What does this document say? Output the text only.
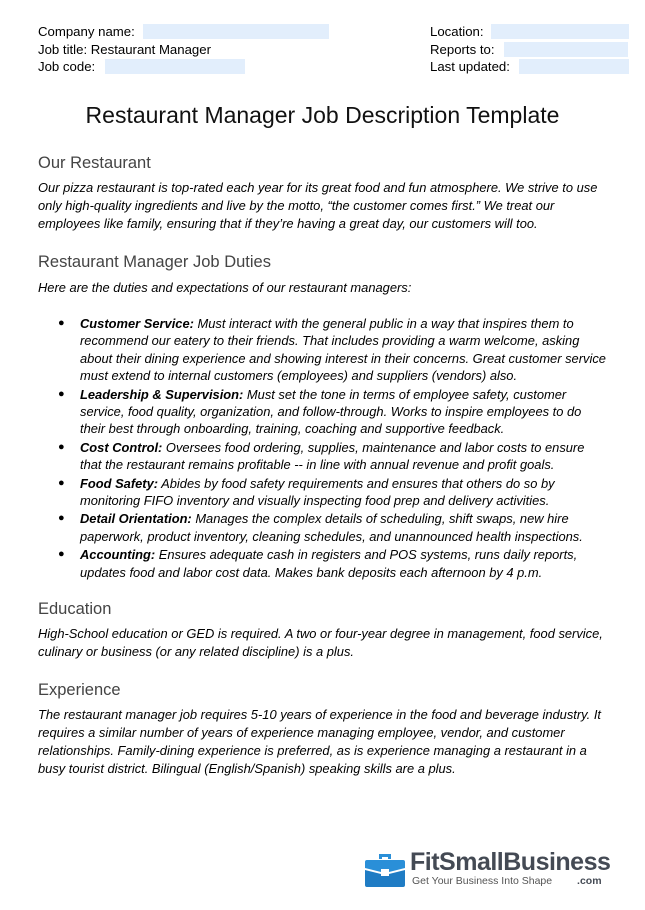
Company name:
Job title: Restaurant Manager
Job code:
Location:
Reports to:
Last updated:
Restaurant Manager Job Description Template
Our Restaurant
Our pizza restaurant is top-rated each year for its great food and fun atmosphere. We strive to use only high-quality ingredients and live by the motto, “the customer comes first.” We treat our employees like family, ensuring that if they’re having a great day, our customers will too.
Restaurant Manager Job Duties
Here are the duties and expectations of our restaurant managers:
● Customer Service: Must interact with the general public in a way that inspires them to recommend our eatery to their friends. That includes providing a warm welcome, asking about their dining experience and showing interest in their concerns. Great customer service must extend to internal customers (employees) and suppliers (vendors) also.
● Leadership & Supervision: Must set the tone in terms of employee safety, customer service, food quality, organization, and follow-through. Works to inspire employees to do their best through onboarding, training, coaching and supportive feedback.
● Cost Control: Oversees food ordering, supplies, maintenance and labor costs to ensure that the restaurant remains profitable -- in line with annual revenue and profit goals.
● Food Safety: Abides by food safety requirements and ensures that others do so by monitoring FIFO inventory and visually inspecting food prep and delivery activities.
● Detail Orientation: Manages the complex details of scheduling, shift swaps, new hire paperwork, product inventory, cleaning schedules, and unannounced health inspections.
● Accounting: Ensures adequate cash in registers and POS systems, runs daily reports, updates food and labor cost data. Makes bank deposits each afternoon by 4 p.m.
Education
High-School education or GED is required. A two or four-year degree in management, food service, culinary or business (or any related discipline) is a plus.
Experience
The restaurant manager job requires 5-10 years of experience in the food and beverage industry. It requires a similar number of years of experience managing employee, vendor, and customer relationships. Family-dining experience is preferred, as is experience managing a restaurant in a busy tourist district. Bilingual (English/Spanish) speaking skills are a plus.
FitSmallBusiness
Get Your Business Into Shape .com
